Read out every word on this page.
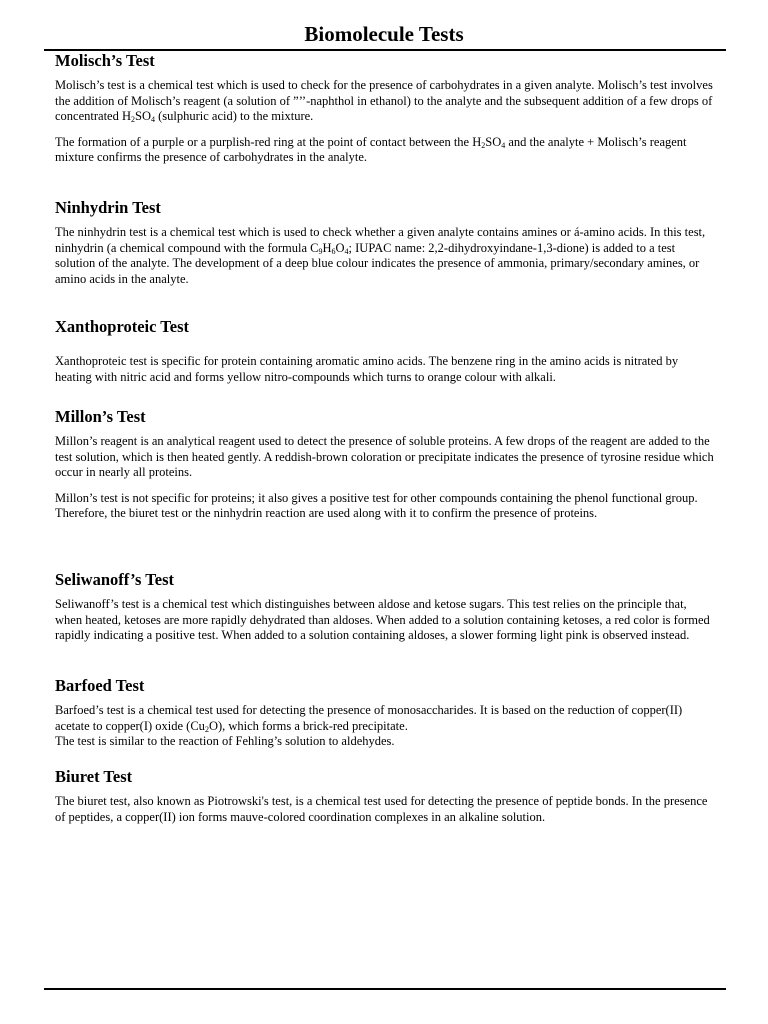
Biomolecule Tests
Molisch’s Test

Molisch’s test is a chemical test which is used to check for the presence of carbohydrates in a given analyte. Molisch’s test involves the addition of Molisch’s reagent (a solution of ”’’-naphthol in ethanol) to the analyte and the subsequent addition of a few drops of concentrated $H_2SO_4$ (sulphuric acid) to the mixture.

The formation of a purple or a purplish-red ring at the point of contact between the $H_2SO_4$ and the analyte + Molisch’s reagent mixture confirms the presence of carbohydrates in the analyte.

Ninhydrin Test

The ninhydrin test is a chemical test which is used to check whether a given analyte contains amines or á-amino acids. In this test, ninhydrin (a chemical compound with the formula $C_9H_6O_4$; IUPAC name: 2,2-dihydroxyindane-1,3-dione) is added to a test solution of the analyte. The development of a deep blue colour indicates the presence of ammonia, primary/secondary amines, or amino acids in the analyte.

Xanthoproteic Test

Xanthoproteic test is specific for protein containing aromatic amino acids. The benzene ring in the amino acids is nitrated by heating with nitric acid and forms yellow nitro-compounds which turns to orange colour with alkali.

Millon’s Test

Millon’s reagent is an analytical reagent used to detect the presence of soluble proteins. A few drops of the reagent are added to the test solution, which is then heated gently. A reddish-brown coloration or precipitate indicates the presence of tyrosine residue which occur in nearly all proteins.

Millon’s test is not specific for proteins; it also gives a positive test for other compounds containing the phenol functional group. Therefore, the biuret test or the ninhydrin reaction are used along with it to confirm the presence of proteins.

Seliwanoff’s Test

Seliwanoff’s test is a chemical test which distinguishes between aldose and ketose sugars. This test relies on the principle that, when heated, ketoses are more rapidly dehydrated than aldoses. When added to a solution containing ketoses, a red color is formed rapidly indicating a positive test. When added to a solution containing aldoses, a slower forming light pink is observed instead.

Barfoed Test

Barfoed’s test is a chemical test used for detecting the presence of monosaccharides. It is based on the reduction of copper(II) acetate to copper(I) oxide $(Cu_2O)$, which forms a brick-red precipitate.
The test is similar to the reaction of Fehling’s solution to aldehydes.

Biuret Test

The biuret test, also known as Piotrowski's test, is a chemical test used for detecting the presence of peptide bonds. In the presence of peptides, a copper(II) ion forms mauve-colored coordination complexes in an alkaline solution.
